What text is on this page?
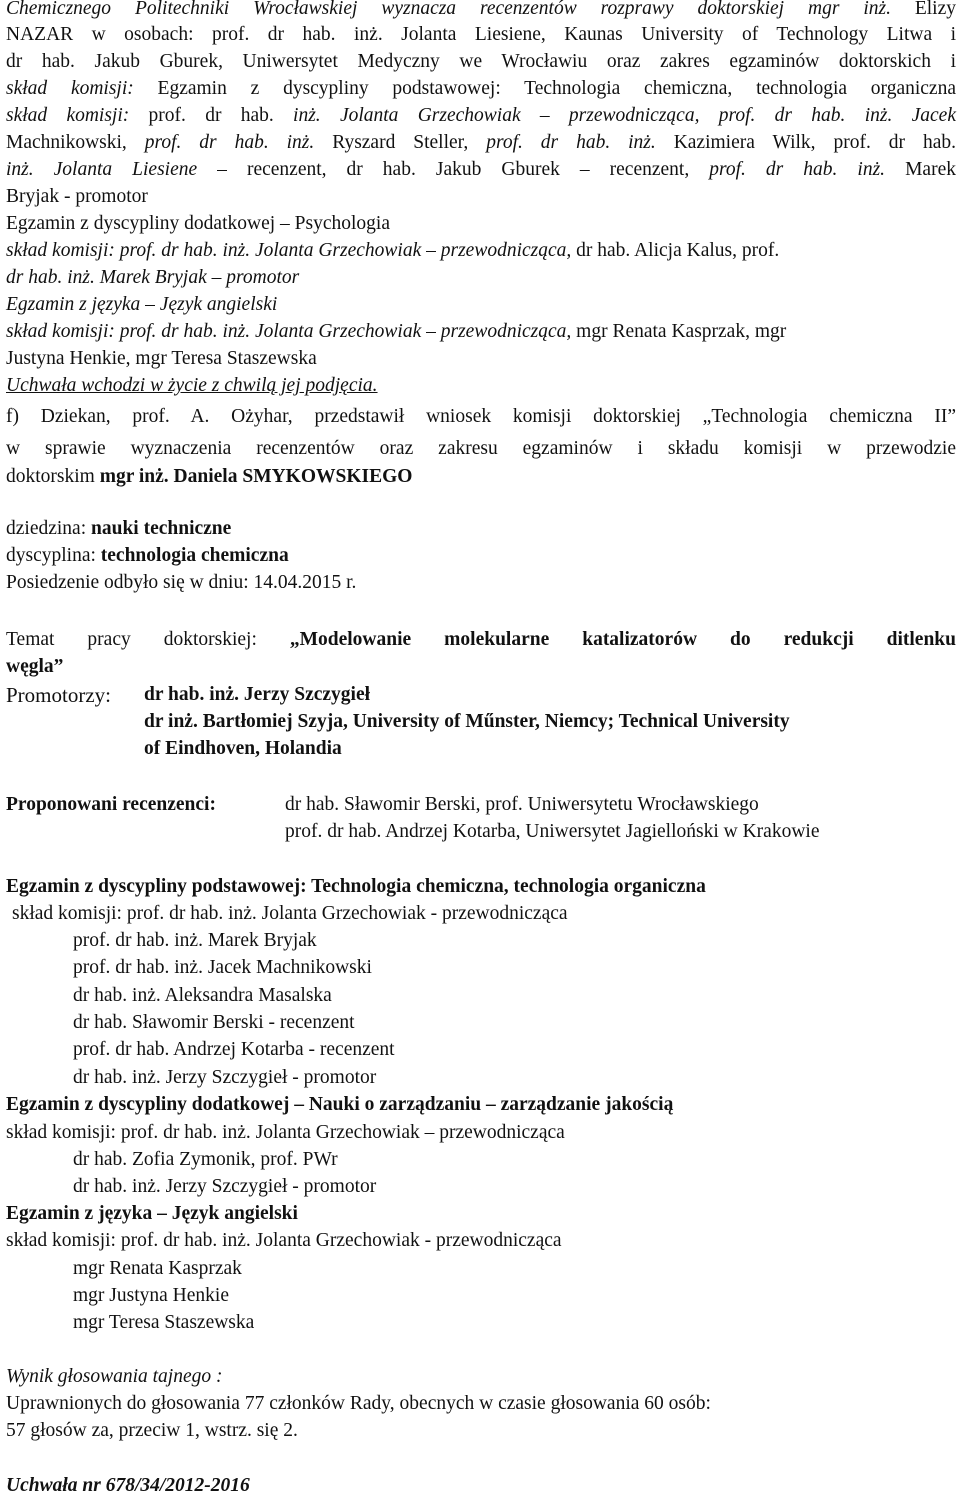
Chemicznego Politechniki Wrocławskiej wyznacza recenzentów rozprawy doktorskiej mgr inż. Elizy
NAZAR w osobach: prof. dr hab. inż. Jolanta Liesiene, Kaunas University of Technology Litwa i
dr hab. Jakub Gburek, Uniwersytet Medyczny we Wrocławiu oraz zakres egzaminów doktorskich i
skład komisji: Egzamin z dyscypliny podstawowej: Technologia chemiczna, technologia organiczna
skład komisji: prof. dr hab. inż. Jolanta Grzechowiak – przewodnicząca, prof. dr hab. inż. Jacek
Machnikowski, prof. dr hab. inż. Ryszard Steller, prof. dr hab. inż. Kazimiera Wilk, prof. dr hab.
inż. Jolanta Liesiene – recenzent, dr hab. Jakub Gburek – recenzent, prof. dr hab. inż. Marek
Bryjak - promotor
Egzamin z dyscypliny dodatkowej – Psychologia
skład komisji: prof. dr hab. inż. Jolanta Grzechowiak – przewodnicząca, dr hab. Alicja Kalus, prof.
dr hab. inż. Marek Bryjak – promotor
Egzamin z języka – Język angielski
skład komisji: prof. dr hab. inż. Jolanta Grzechowiak – przewodnicząca, mgr Renata Kasprzak, mgr
Justyna Henkie, mgr Teresa Staszewska
Uchwała wchodzi w życie z chwilą jej podjęcia.
f) Dziekan, prof. A. Ożyhar, przedstawił wniosek komisji doktorskiej „Technologia chemiczna II”
w sprawie wyznaczenia recenzentów oraz zakresu egzaminów i składu komisji w przewodzie
doktorskim mgr inż. Daniela SMYKOWSKIEGO
dziedzina: nauki techniczne
dyscyplina: technologia chemiczna
Posiedzenie odbyło się w dniu: 14.04.2015 r.
Temat pracy doktorskiej: „Modelowanie molekularne katalizatorów do redukcji ditlenku
węgla”
Promotorzy:	dr hab. inż. Jerzy Szczygieł
dr inż. Bartłomiej Szyja, University of Műnster, Niemcy; Technical University
of Eindhoven, Holandia
Proponowani recenzenci:	dr hab. Sławomir Berski, prof. Uniwersytetu Wrocławskiego
prof. dr hab. Andrzej Kotarba, Uniwersytet Jagielloński w Krakowie
Egzamin z dyscypliny podstawowej: Technologia chemiczna, technologia organiczna
skład komisji: prof. dr hab. inż. Jolanta Grzechowiak - przewodnicząca
prof. dr hab. inż. Marek Bryjak
prof. dr hab. inż. Jacek Machnikowski
dr hab. inż. Aleksandra Masalska
dr hab. Sławomir Berski - recenzent
prof. dr hab. Andrzej Kotarba - recenzent
dr hab. inż. Jerzy Szczygieł - promotor
Egzamin z dyscypliny dodatkowej – Nauki o zarządzaniu – zarządzanie jakością
skład komisji: prof. dr hab. inż. Jolanta Grzechowiak – przewodnicząca
dr hab. Zofia Zymonik, prof. PWr
dr hab. inż. Jerzy Szczygieł - promotor
Egzamin z języka – Język angielski
skład komisji: prof. dr hab. inż. Jolanta Grzechowiak - przewodnicząca
mgr Renata Kasprzak
mgr Justyna Henkie
mgr Teresa Staszewska
Wynik głosowania tajnego :
Uprawnionych do głosowania 77 członków Rady, obecnych w czasie głosowania 60 osób:
57 głosów za, przeciw 1, wstrz. się 2.
Uchwała nr 678/34/2012-2016
